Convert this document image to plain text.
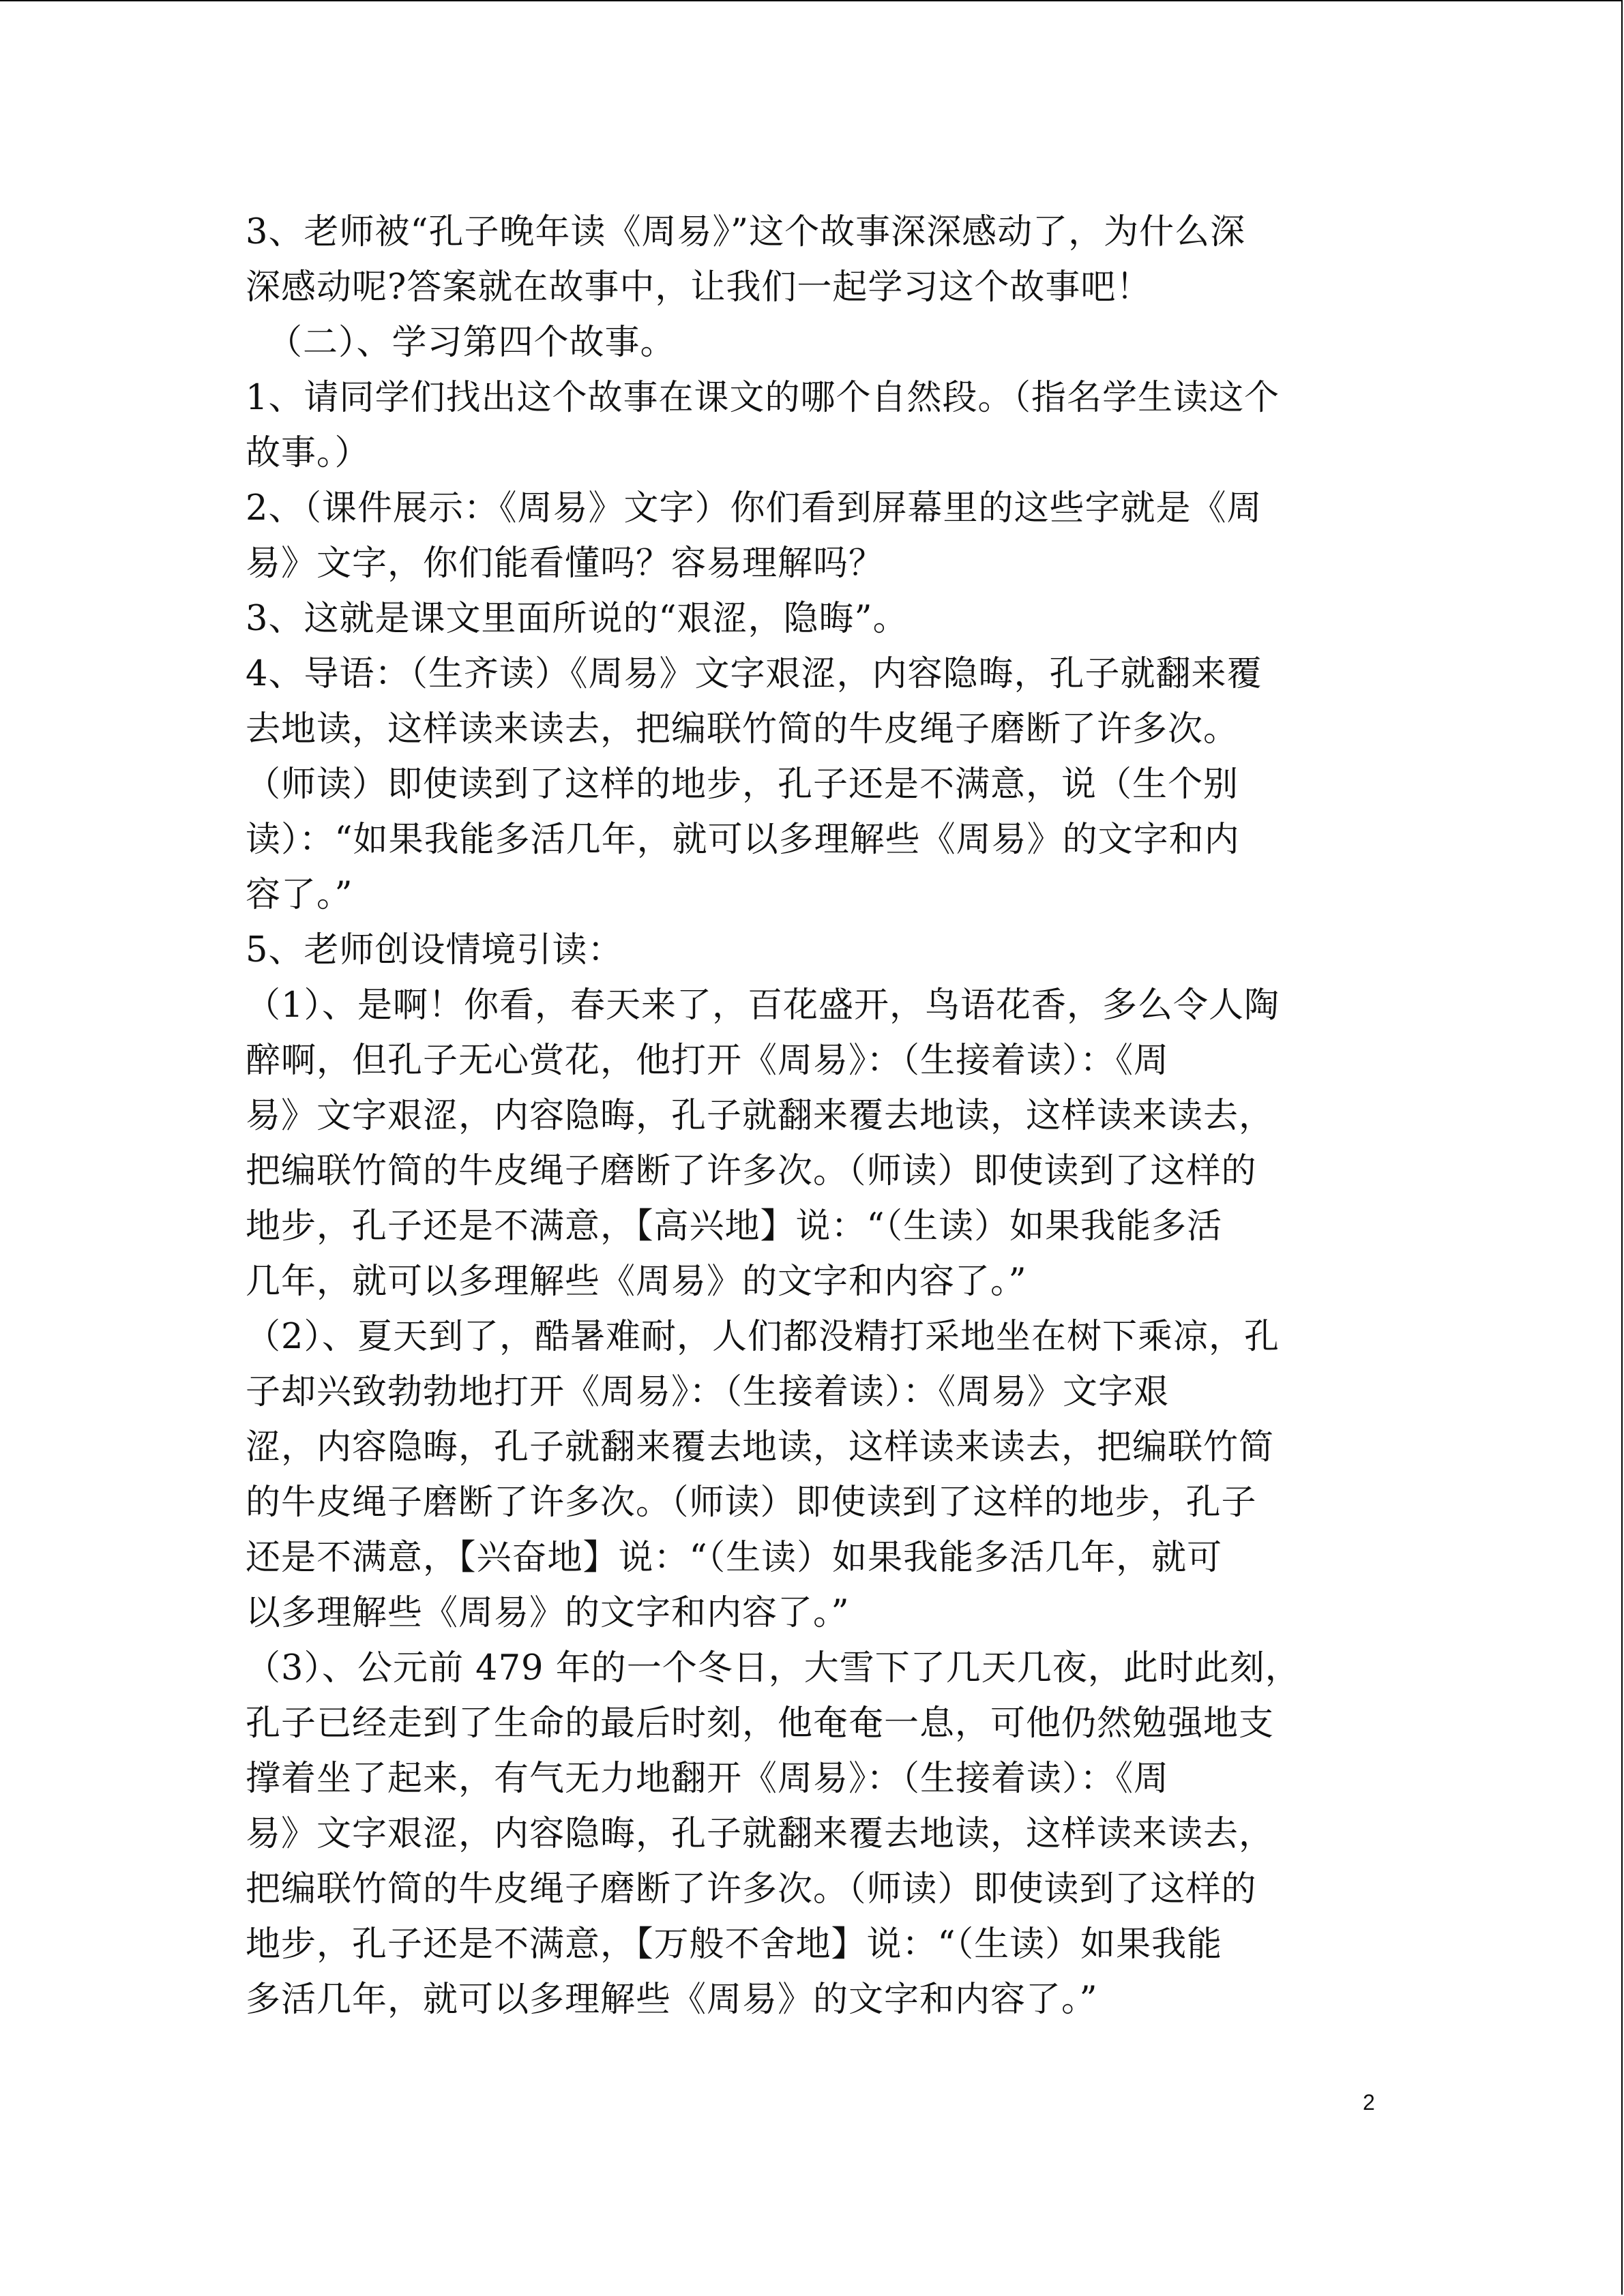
3、老师被“孔子晚年读《周易》”这个故事深深感动了，为什么深
深感动呢?答案就在故事中，让我们一起学习这个故事吧！
（二）、学习第四个故事。
1、请同学们找出这个故事在课文的哪个自然段。（指名学生读这个
故事。）
2、（课件展示：《周易》文字）你们看到屏幕里的这些字就是《周
易》文字，你们能看懂吗？容易理解吗？
3、这就是课文里面所说的“艰涩，隐晦”。
4、导语：（生齐读）《周易》文字艰涩，内容隐晦，孔子就翻来覆
去地读，这样读来读去，把编联竹简的牛皮绳子磨断了许多次。
（师读）即使读到了这样的地步，孔子还是不满意，说（生个别
读）：“如果我能多活几年，就可以多理解些《周易》的文字和内
容了。”
5、老师创设情境引读：
（1）、是啊！你看，春天来了，百花盛开，鸟语花香，多么令人陶
醉啊，但孔子无心赏花，他打开《周易》：（生接着读）：《周
易》文字艰涩，内容隐晦，孔子就翻来覆去地读，这样读来读去，
把编联竹简的牛皮绳子磨断了许多次。（师读）即使读到了这样的
地步，孔子还是不满意，【高兴地】说：“（生读）如果我能多活
几年，就可以多理解些《周易》的文字和内容了。”
（2）、夏天到了，酷暑难耐，人们都没精打采地坐在树下乘凉，孔
子却兴致勃勃地打开《周易》：（生接着读）：《周易》文字艰
涩，内容隐晦，孔子就翻来覆去地读，这样读来读去，把编联竹简
的牛皮绳子磨断了许多次。（师读）即使读到了这样的地步，孔子
还是不满意，【兴奋地】说：“（生读）如果我能多活几年，就可
以多理解些《周易》的文字和内容了。”
（3）、公元前 479 年的一个冬日，大雪下了几天几夜，此时此刻，
孔子已经走到了生命的最后时刻，他奄奄一息，可他仍然勉强地支
撑着坐了起来，有气无力地翻开《周易》：（生接着读）：《周
易》文字艰涩，内容隐晦，孔子就翻来覆去地读，这样读来读去，
把编联竹简的牛皮绳子磨断了许多次。（师读）即使读到了这样的
地步，孔子还是不满意，【万般不舍地】说：“（生读）如果我能
多活几年，就可以多理解些《周易》的文字和内容了。”
2
